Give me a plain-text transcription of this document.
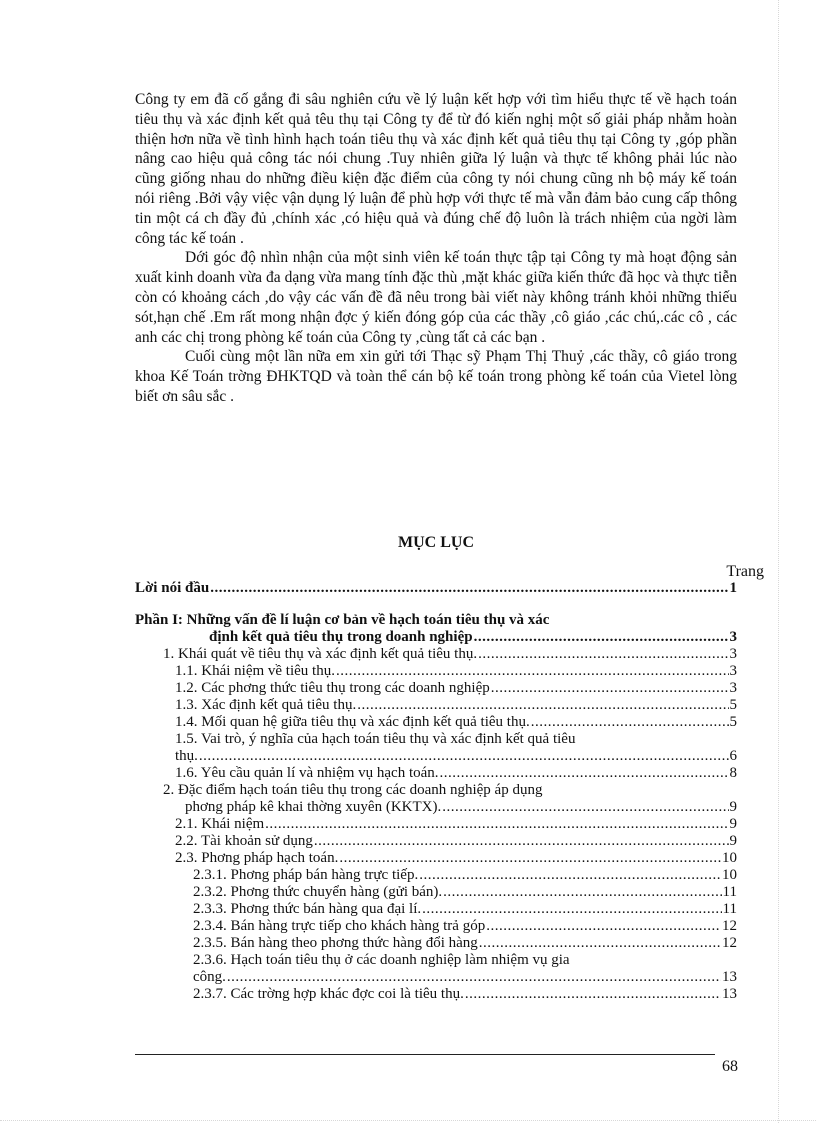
Công ty em đã cố gắng đi sâu nghiên cứu về lý luận kết hợp với tìm hiểu thực tế về hạch toán tiêu thụ và xác định kết quả têu thụ tại Công ty để từ đó kiến nghị một số giải pháp nhằm hoàn thiện hơn nữa về tình hình hạch toán tiêu thụ và xác định kết quả tiêu thụ tại Công ty ,góp phần nâng cao hiệu quả công tác nói chung .Tuy nhiên giữa lý luận và thực tế không phải lúc nào cũng giống nhau do những điều kiện đặc điểm của công ty nói chung cũng nh bộ máy kế toán nói riêng .Bởi vậy việc vận dụng lý luận để phù hợp với thực tế mà vẫn đảm bảo cung cấp thông tin một cá ch đầy đủ ,chính xác ,có hiệu quả và đúng chế độ luôn là trách nhiệm của ngời làm công tác kế toán .

Dới góc độ nhìn nhận của một sinh viên kế toán thực tập tại Công ty mà hoạt động sản xuất kinh doanh vừa đa dạng vừa mang tính đặc thù ,mặt khác giữa kiến thức đã học và thực tiễn còn có khoảng cách ,do vậy các vấn đề đã nêu trong bài viết này không tránh khỏi những thiếu sót,hạn chế .Em rất mong nhận đợc ý kiến đóng góp của các thầy ,cô giáo ,các chú,.các cô , các anh các chị trong phòng kế toán của Công ty ,cùng tất cả các bạn .

Cuối cùng một lần nữa em xin gửi tới Thạc sỹ Phạm Thị Thuỷ ,các thầy, cô giáo trong khoa Kế Toán trờng ĐHKTQD và toàn thể cán bộ kế toán trong phòng kế toán của Vietel lòng biết ơn sâu sắc .

MỤC LỤC
Trang
Lời nói đầu .....	1
Phần I: Những vấn đề lí luận cơ bản về hạch toán tiêu thụ và xác
định kết quả tiêu thụ trong doanh nghiệp .....	3
1. Khái quát về tiêu thụ và xác định kết quả tiêu thụ. .....	3
1.1. Khái niệm về tiêu thụ. .....	3
1.2. Các phơng thức tiêu thụ trong các doanh nghiệp .....	3
1.3. Xác định kết quả tiêu thụ. .....	5
1.4. Mối quan hệ giữa tiêu thụ và xác định kết quả tiêu thụ. .....	5
1.5. Vai trò, ý nghĩa của hạch toán tiêu thụ và xác định kết quả tiêu
thụ. .....	6
1.6. Yêu cầu quản lí và nhiệm vụ hạch toán. .....	8
2. Đặc điểm hạch toán tiêu thụ trong các doanh nghiệp áp dụng
phơng pháp kê khai thờng xuyên (KKTX). .....	9
2.1. Khái niệm .....	9
2.2. Tài khoản sử dụng .....	9
2.3. Phơng pháp hạch toán. .....	10
2.3.1. Phơng pháp bán hàng trực tiếp. .....	10
2.3.2. Phơng thức chuyển hàng (gửi bán). .....	11
2.3.3. Phơng thức bán hàng qua đại lí. .....	11
2.3.4. Bán hàng trực tiếp cho khách hàng trả góp .....	12
2.3.5. Bán hàng theo phơng thức hàng đổi hàng .....	12
2.3.6. Hạch toán tiêu thụ ở các doanh nghiệp làm nhiệm vụ gia
công. .....	13
2.3.7. Các trờng hợp khác đợc coi là tiêu thụ. .....	13
68
